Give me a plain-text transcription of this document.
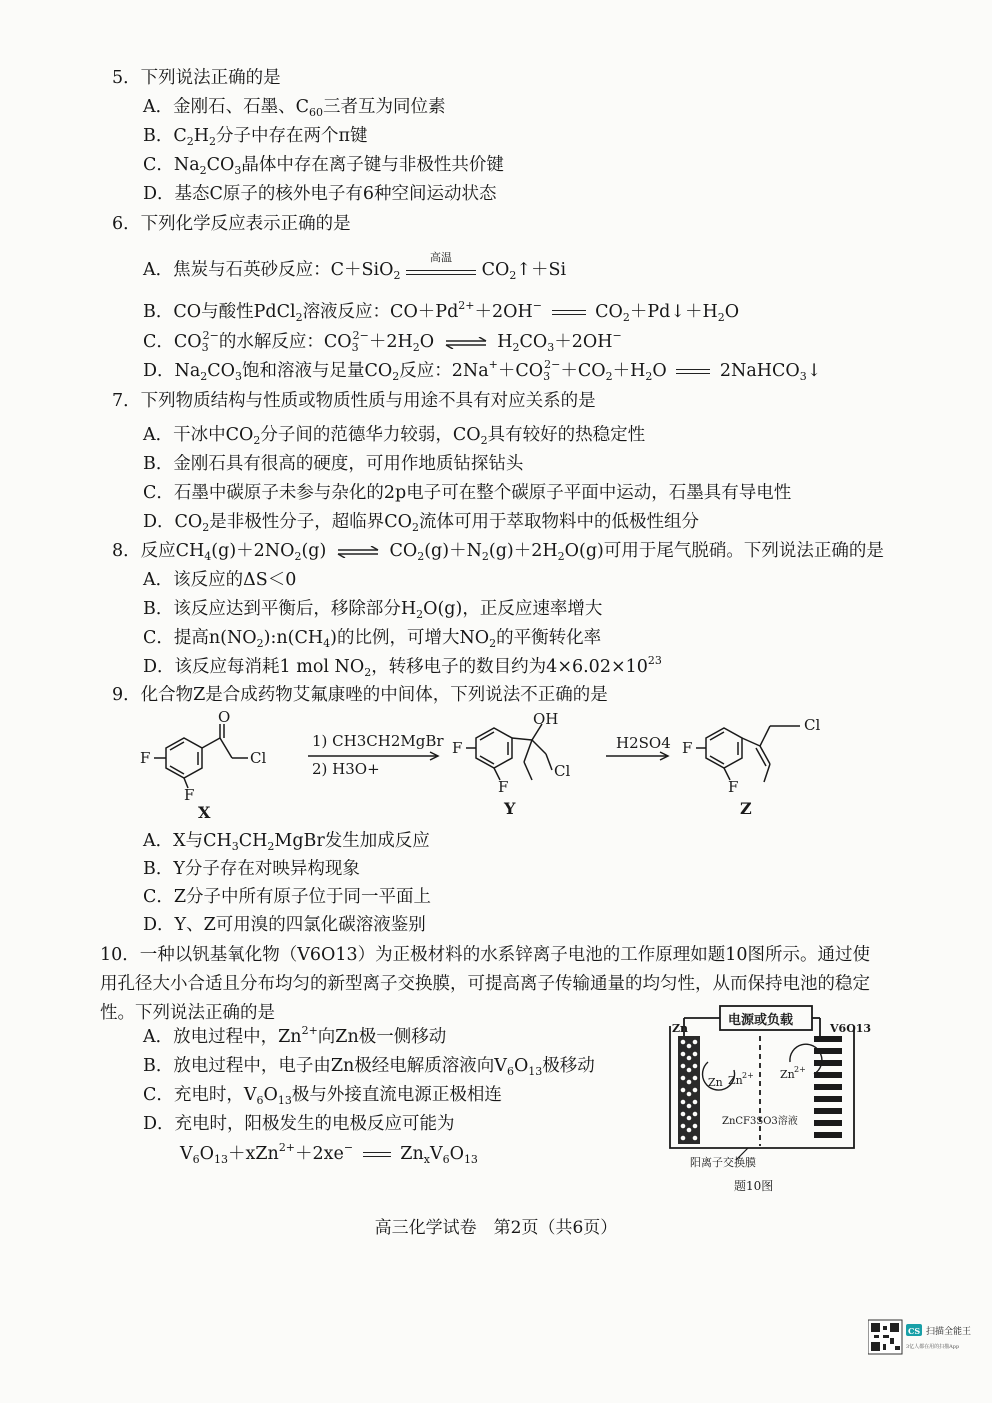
5．下列说法正确的是
A．金刚石、石墨、$C_{60}$三者互为同位素
B．$C_2H_2$分子中存在两个π键
C．$Na_2CO_3$晶体中存在离子键与非极性共价键
D．基态C原子的核外电子有6种空间运动状态
6．下列化学反应表示正确的是
A．焦炭与石英砂反应：C＋SiO$_2$
高温
$CO_2↑+Si$
B．CO与酸性PdCl$_2$溶液反应：$CO+Pd^{2+}+2OH^-$	$CO_2+Pd↓+H_2O$
C．$CO_3^{2-}$的水解反应：$CO_3^{2-}+2H_2O$ ⇌ $H_2CO_3+2OH^-$
D．$Na_2CO_3$饱和溶液与足量$CO_2$反应：$2Na^++CO_3^{2-}+CO_2+H_2O$	2NaHCO$_3$↓
7．下列物质结构与性质或物质性质与用途不具有对应关系的是
A．干冰中$CO_2$分子间的范德华力较弱，$CO_2$具有较好的热稳定性
B．金刚石具有很高的硬度，可用作地质钻探钻头
C．石墨中碳原子未参与杂化的2p电子可在整个碳原子平面中运动，石墨具有导电性
D．$CO_2$是非极性分子，超临界$CO_2$流体可用于萃取物料中的低极性组分
8．反应$CH_4(g)+2NO_2(g)$ ⇌ $CO_2(g)+N_2(g)+2H_2O(g)$可用于尾气脱硝。下列说法正确的是
A．该反应的ΔS＜0
B．该反应达到平衡后，移除部分$H_2O(g)$，正反应速率增大
C．提高$n(NO_2):n(CH_4)$的比例，可增大$NO_2$的平衡转化率
D．该反应每消耗1 mol $NO_2$，转移电子的数目约为$4\times 6.02\times 10^{23}$
9．化合物Z是合成药物艾氟康唑的中间体，下列说法不正确的是
F
F
O
Cl
1) CH3CH2MgBr
2) H3O+
F
F
OH
Cl
H2SO4 F
F
Cl
X	Y	Z
A．X与$CH_3CH_2MgBr$发生加成反应
B．Y分子存在对映异构现象
C．Z分子中所有原子位于同一平面上
D．Y、Z可用溴的四氯化碳溶液鉴别
10．一种以钒基氧化物（V6O13）为正极材料的水系锌离子电池的工作原理如题10图所示。通过使用孔径大小合适且分布均匀的新型离子交换膜，可提高离子传输通量的均匀性，从而保持电池的稳定性。下列说法正确的是
A．放电过程中，$Zn^{2+}$向Zn极一侧移动
B．放电过程中，电子由Zn极经电解质溶液向$V_6O_{13}$极移动
C．充电时，$V_6O_{13}$极与外接直流电源正极相连
D．充电时，阳极发生的电极反应可能为
$V_6O_{13}+xZn^{2+}+2xe^-$	$Zn_xV_6O_{13}$
Zn	V6O13
Zn Zn 2+ Zn 2+
ZnCF3SO3溶液
阳离子交换膜
电源或负载
题10图
高三化学试卷　第2页（共6页）
CS 扫描全能王
3亿人都在用的扫描App
